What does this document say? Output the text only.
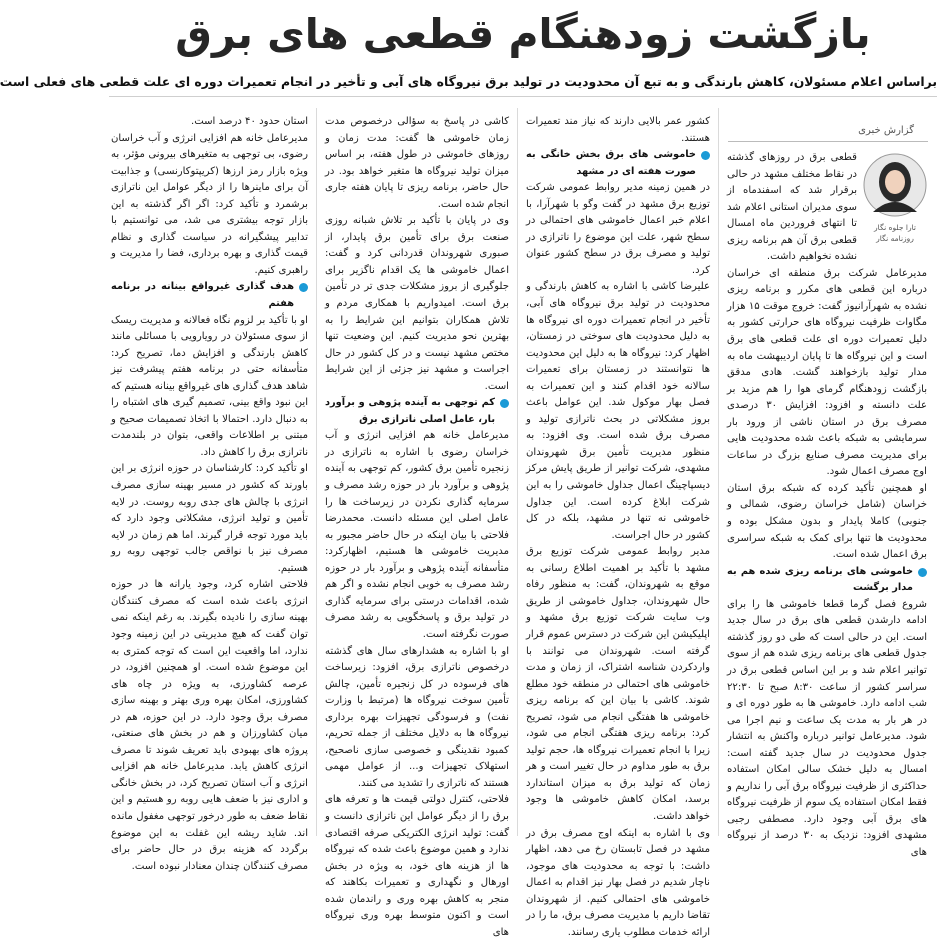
بازگشت زودهنگام قطعی های برق
براساس اعلام مسئولان، کاهش بارندگی و به تبع آن محدودیت در تولید برق نیروگاه های آبی و تأخیر در انجام تعمیرات دوره ای علت قطعی های فعلی است
گزارش خبری
تارا جلوه نگار روزنامه نگار

قطعی برق در روزهای گذشته در نقاط مختلف مشهد در حالی برقرار شد که اسفندماه از سوی مدیران استانی اعلام شد تا انتهای فروردین ماه امسال قطعی برق آن هم برنامه ریزی نشده نخواهیم داشت.

مدیرعامل شرکت برق منطقه ای خراسان درباره این قطعی های مکرر و برنامه ریزی نشده به شهرآرانیوز گفت: خروج موقت ۱۵ هزار مگاوات ظرفیت نیروگاه های حرارتی کشور به دلیل تعمیرات دوره ای علت قطعی های برق است و این نیروگاه ها تا پایان اردیبهشت ماه به مدار تولید بازخواهند گشت. هادی مدقق بازگشت زودهنگام گرمای هوا را هم مزید بر علت دانسته و افزود: افزایش ۳۰ درصدی مصرف برق در استان ناشی از ورود بار سرمایشی به شبکه باعث شده محدودیت هایی برای مدیریت مصرف صنایع بزرگ در ساعات اوج مصرف اعمال شود.

او همچنین تأکید کرده که شبکه برق استان خراسان (شامل خراسان رضوی، شمالی و جنوبی) کاملا پایدار و بدون مشکل بوده و محدودیت ها تنها برای کمک به شبکه سراسری برق اعمال شده است.

خاموشی های برنامه ریزی شده هم به مدار برگشت

شروع فصل گرما قطعا خاموشی ها را برای ادامه دارشدن قطعی های برق در سال جدید است. این در حالی است که طی دو روز گذشته جدول قطعی های برنامه ریزی شده هم از سوی توانیر اعلام شد و بر این اساس قطعی برق در سراسر کشور از ساعت ۸:۳۰ صبح تا ۲۲:۳۰ شب ادامه دارد. خاموشی ها به طور دوره ای و در هر بار به مدت یک ساعت و نیم اجرا می شود. مدیرعامل توانیر درباره واکنش به انتشار جدول محدودیت در سال جدید گفته است: امسال به دلیل خشک سالی امکان استفاده حداکثری از ظرفیت نیروگاه برق آبی را نداریم و فقط امکان استفاده یک سوم از ظرفیت نیروگاه های برق آبی وجود دارد. مصطفی رجبی مشهدی افزود: نزدیک به ۳۰ درصد از نیروگاه های

کشور عمر بالایی دارند که نیاز مند تعمیرات هستند.

خاموشی های برق بخش خانگی به صورت هفته ای در مشهد

در همین زمینه مدیر روابط عمومی شرکت توزیع برق مشهد در گفت وگو با شهرآرا، با اعلام خبر اعمال خاموشی های احتمالی در سطح شهر، علت این موضوع را ناترازی در تولید و مصرف برق در سطح کشور عنوان کرد.

علیرضا کاشی با اشاره به کاهش بارندگی و محدودیت در تولید برق نیروگاه های آبی، تأخیر در انجام تعمیرات دوره ای نیروگاه ها به دلیل محدودیت های سوختی در زمستان، اظهار کرد: نیروگاه ها به دلیل این محدودیت ها نتوانستند در زمستان برای تعمیرات سالانه خود اقدام کنند و این تعمیرات به فصل بهار موکول شد. این عوامل باعث بروز مشکلاتی در بحث ناترازی تولید و مصرف برق شده است. وی افزود: به منظور مدیریت تأمین برق شهروندان مشهدی، شرکت توانیر از طریق پایش مرکز دیسپاچینگ اعمال جداول خاموشی را به این شرکت ابلاغ کرده است. این جداول خاموشی نه تنها در مشهد، بلکه در کل کشور در حال اجراست.

مدیر روابط عمومی شرکت توزیع برق مشهد با تأکید بر اهمیت اطلاع رسانی به موقع به شهروندان، گفت: به منظور رفاه حال شهروندان، جداول خاموشی از طریق وب سایت شرکت توزیع برق مشهد و اپلیکیشن این شرکت در دسترس عموم قرار گرفته است. شهروندان می توانند با واردکردن شناسه اشتراک، از زمان و مدت خاموشی های احتمالی در منطقه خود مطلع شوند. کاشی با بیان این که برنامه ریزی خاموشی ها هفتگی انجام می شود، تصریح کرد: برنامه ریزی هفتگی انجام می شود، زیرا با انجام تعمیرات نیروگاه ها، حجم تولید برق به طور مداوم در حال تغییر است و هر زمان که تولید برق به میزان استاندارد برسد، امکان کاهش خاموشی ها وجود خواهد داشت.

وی با اشاره به اینکه اوج مصرف برق در مشهد در فصل تابستان رخ می دهد، اظهار داشت: با توجه به محدودیت های موجود، ناچار شدیم در فصل بهار نیز اقدام به اعمال خاموشی های احتمالی کنیم. از شهروندان تقاضا داریم با مدیریت مصرف برق، ما را در ارائه خدمات مطلوب یاری رسانند.

کاشی در پاسخ به سؤالی درخصوص مدت زمان خاموشی ها گفت: مدت زمان و روزهای خاموشی در طول هفته، بر اساس میزان تولید نیروگاه ها متغیر خواهد بود. در حال حاضر، برنامه ریزی تا پایان هفته جاری انجام شده است.

وی در پایان با تأکید بر تلاش شبانه روزی صنعت برق برای تأمین برق پایدار، از صبوری شهروندان قدردانی کرد و گفت: اعمال خاموشی ها یک اقدام ناگزیر برای جلوگیری از بروز مشکلات جدی تر در تأمین برق است. امیدواریم با همکاری مردم و تلاش همکاران بتوانیم این شرایط را به بهترین نحو مدیریت کنیم. این وضعیت تنها مختص مشهد نیست و در کل کشور در حال اجراست و مشهد نیز جزئی از این شرایط است.

کم توجهی به آینده پژوهی و برآورد بار، عامل اصلی ناترازی برق

مدیرعامل خانه هم افزایی انرژی و آب خراسان رضوی با اشاره به ناترازی در زنجیره تأمین برق کشور، کم توجهی به آینده پژوهی و برآورد بار در حوزه رشد مصرف و سرمایه گذاری نکردن در زیرساخت ها را عامل اصلی این مسئله دانست. محمدرضا فلاحتی با بیان اینکه در حال حاضر مجبور به مدیریت خاموشی ها هستیم، اظهارکرد: متأسفانه آینده پژوهی و برآورد بار در حوزه رشد مصرف به خوبی انجام نشده و اگر هم شده، اقدامات درستی برای سرمایه گذاری در تولید برق و پاسخگویی به رشد مصرف صورت نگرفته است.

او با اشاره به هشدارهای سال های گذشته درخصوص ناترازی برق، افزود: زیرساخت های فرسوده در کل زنجیره تأمین، چالش تأمین سوخت نیروگاه ها (مرتبط با وزارت نفت) و فرسودگی تجهیزات بهره برداری نیروگاه ها به دلایل مختلف از جمله تحریم، کمبود نقدینگی و خصوصی سازی ناصحیح، استهلاک تجهیزات و... از عوامل مهمی هستند که ناترازی را تشدید می کنند.

فلاحتی، کنترل دولتی قیمت ها و تعرفه های برق را از دیگر عوامل این ناترازی دانست و گفت: تولید انرژی الکتریکی صرفه اقتصادی ندارد و همین موضوع باعث شده که نیروگاه ها از هزینه های خود، به ویژه در بخش اورهال و نگهداری و تعمیرات بکاهند که منجر به کاهش بهره وری و راندمان شده است و اکنون متوسط بهره وری نیروگاه های

استان حدود ۴۰ درصد است.

مدیرعامل خانه هم افزایی انرژی و آب خراسان رضوی، بی توجهی به متغیرهای بیرونی مؤثر، به ویژه بازار رمز ارزها (کریپتوکارنسی) و جذابیت آن برای ماینرها را از دیگر عوامل این ناترازی برشمرد و تأکید کرد: اگر اگر گذشته به این بازار توجه بیشتری می شد، می توانستیم با تدابیر پیشگیرانه در سیاست گذاری و نظام قیمت گذاری و بهره برداری، فضا را مدیریت و راهبری کنیم.

هدف گذاری غیرواقع بینانه در برنامه هفتم

او با تأکید بر لزوم نگاه فعالانه و مدیریت ریسک از سوی مسئولان در رویارویی با مسائلی مانند کاهش بارندگی و افزایش دما، تصریح کرد: متأسفانه حتی در برنامه هفتم پیشرفت نیز شاهد هدف گذاری های غیرواقع بینانه هستیم که این نبود واقع بینی، تصمیم گیری های اشتباه را به دنبال دارد. احتمالا با اتخاذ تصمیمات صحیح و مبتنی بر اطلاعات واقعی، بتوان در بلندمدت ناترازی برق را کاهش داد.

او تأکید کرد: کارشناسان در حوزه انرژی بر این باورند که کشور در مسیر بهینه سازی مصرف انرژی با چالش های جدی روبه روست. در لایه تأمین و تولید انرژی، مشکلاتی وجود دارد که باید مورد توجه قرار گیرند. اما هم زمان در لایه مصرف نیز با نواقص جالب توجهی روبه رو هستیم.

فلاحتی اشاره کرد، وجود یارانه ها در حوزه انرژی باعث شده است که مصرف کنندگان بهینه سازی را نادیده بگیرند. به رغم اینکه نمی توان گفت که هیچ مدیریتی در این زمینه وجود ندارد، اما واقعیت این است که توجه کمتری به این موضوع شده است. او همچنین افزود، در عرصه کشاورزی، به ویژه در چاه های کشاورزی، امکان بهره وری بهتر و بهینه سازی مصرف برق وجود دارد. در این حوزه، هم در میان کشاورزان و هم در بخش های صنعتی، پروژه های بهبودی باید تعریف شوند تا مصرف انرژی کاهش یابد. مدیرعامل خانه هم افزایی انرژی و آب استان تصریح کرد، در بخش خانگی و اداری نیز با ضعف هایی روبه رو هستیم و این نقاط ضعف به طور درخور توجهی مغفول مانده اند. شاید ریشه این غفلت به این موضوع برگردد که هزینه برق در حال حاضر برای مصرف کنندگان چندان معنادار نبوده است.
